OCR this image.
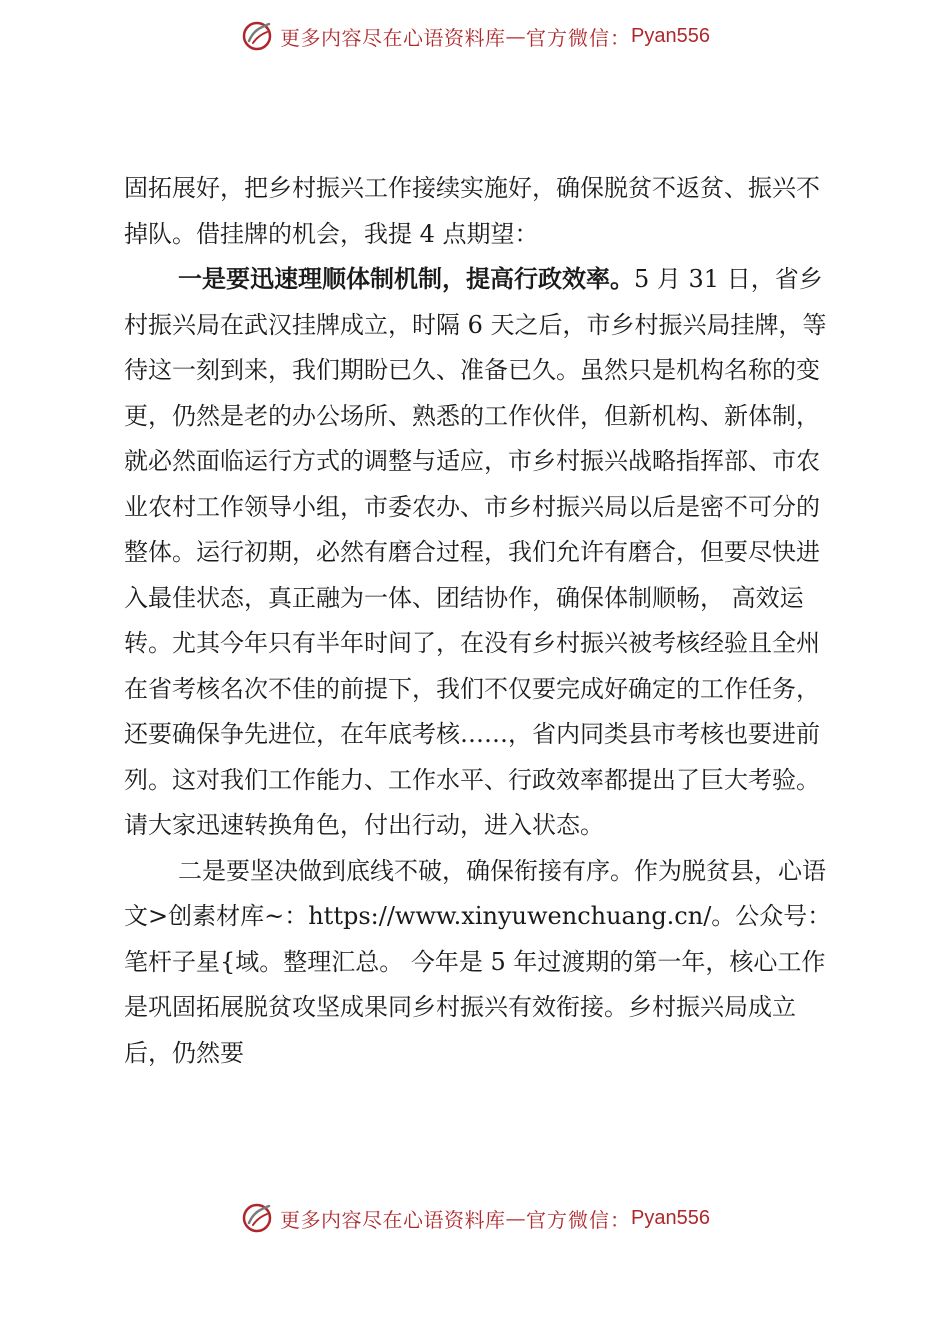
更多内容尽在心语资料库 — 官方微信： Pyan556

固拓展好，把乡村振兴工作接续实施好，确保脱贫不返贫、振兴不掉队。借挂牌的机会，我提 4 点期望：

一是要迅速理顺体制机制，提高行政效率。5 月 31 日，省乡村振兴局在武汉挂牌成立，时隔 6 天之后，市乡村振兴局挂牌，等待这一刻到来，我们期盼已久、准备已久。虽然只是机构名称的变更，仍然是老的办公场所、熟悉的工作伙伴，但新机构、新体制，就必然面临运行方式的调整与适应，市乡村振兴战略指挥部、市农业农村工作领导小组，市委农办、市乡村振兴局以后是密不可分的整体。运行初期，必然有磨合过程，我们允许有磨合，但要尽快进入最佳状态，真正融为一体、团结协作，确保体制顺畅， 高效运转。尤其今年只有半年时间了，在没有乡村振兴被考核经验且全州在省考核名次不佳的前提下，我们不仅要完成好确定的工作任务，还要确保争先进位，在年底考核……，省内同类县市考核也要进前列。这对我们工作能力、工作水平、行政效率都提出了巨大考验。请大家迅速转换角色，付出行动，进入状态。

二是要坚决做到底线不破，确保衔接有序。作为脱贫县，心语文>创素材库~：https://www.xinyuwenchuang.cn/。公众号：笔杆子星{域。整理汇总。 今年是 5 年过渡期的第一年，核心工作是巩固拓展脱贫攻坚成果同乡村振兴有效衔接。乡村振兴局成立后，仍然要

更多内容尽在心语资料库 — 官方微信： Pyan556
